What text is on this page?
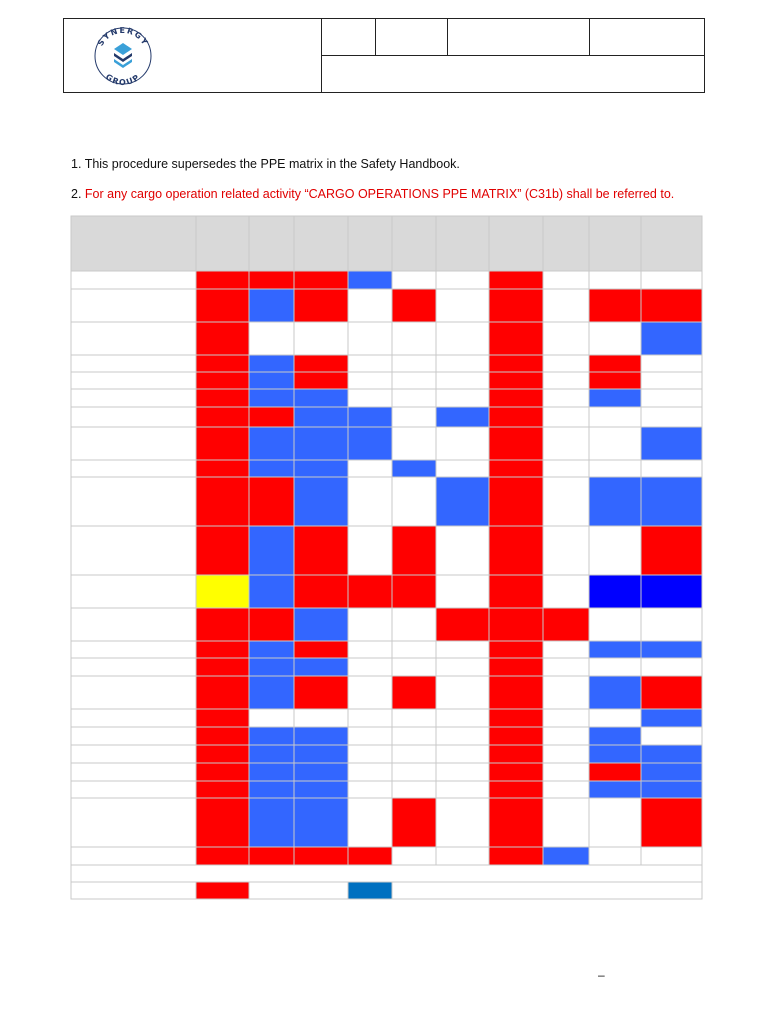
SYNERGY
GROUP
1. This procedure supersedes the PPE matrix in the Safety Handbook.
2. For any cargo operation related activity “CARGO OPERATIONS PPE MATRIX” (C31b) shall be referred to.
–
